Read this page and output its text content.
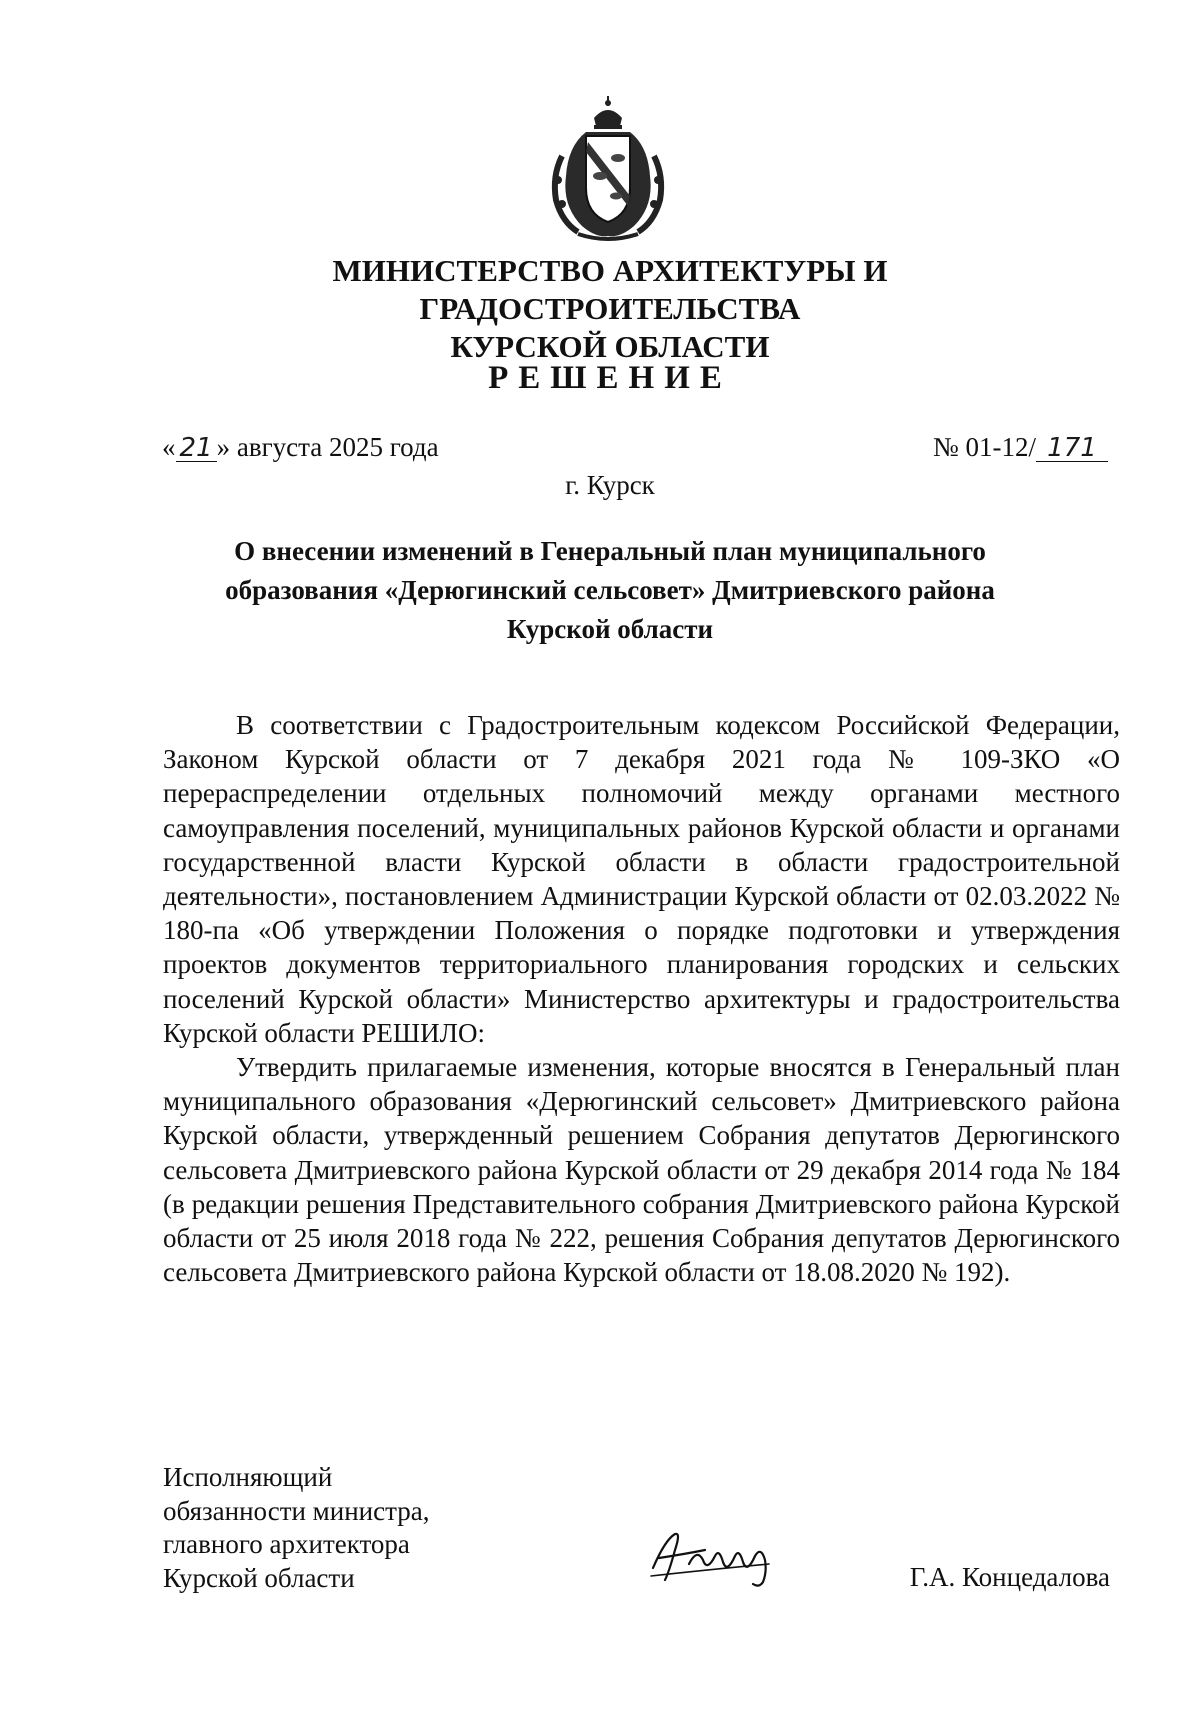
МИНИСТЕРСТВО АРХИТЕКТУРЫ И ГРАДОСТРОИТЕЛЬСТВА
КУРСКОЙ ОБЛАСТИ
РЕШЕНИЕ
« 21 » августа 2025 года	№ 01-12/ 171
г. Курск
О внесении изменений в Генеральный план муниципального
образования «Дерюгинский сельсовет» Дмитриевского района
Курской области

В соответствии с Градостроительным кодексом Российской Федерации, Законом Курской области от 7 декабря 2021 года № 109-ЗКО «О перераспределении отдельных полномочий между органами местного самоуправления поселений, муниципальных районов Курской области и органами государственной власти Курской области в области градостроительной деятельности», постановлением Администрации Курской области от 02.03.2022 № 180-па «Об утверждении Положения о порядке подготовки и утверждения проектов документов территориального планирования городских и сельских поселений Курской области» Министерство архитектуры и градостроительства Курской области РЕШИЛО:

Утвердить прилагаемые изменения, которые вносятся в Генеральный план муниципального образования «Дерюгинский сельсовет» Дмитриевского района Курской области, утвержденный решением Собрания депутатов Дерюгинского сельсовета Дмитриевского района Курской области от 29 декабря 2014 года № 184 (в редакции решения Представительного собрания Дмитриевского района Курской области от 25 июля 2018 года № 222, решения Собрания депутатов Дерюгинского сельсовета Дмитриевского района Курской области от 18.08.2020 № 192).

Исполняющий
обязанности министра,
главного архитектора
Курской области	Г.А. Концедалова
